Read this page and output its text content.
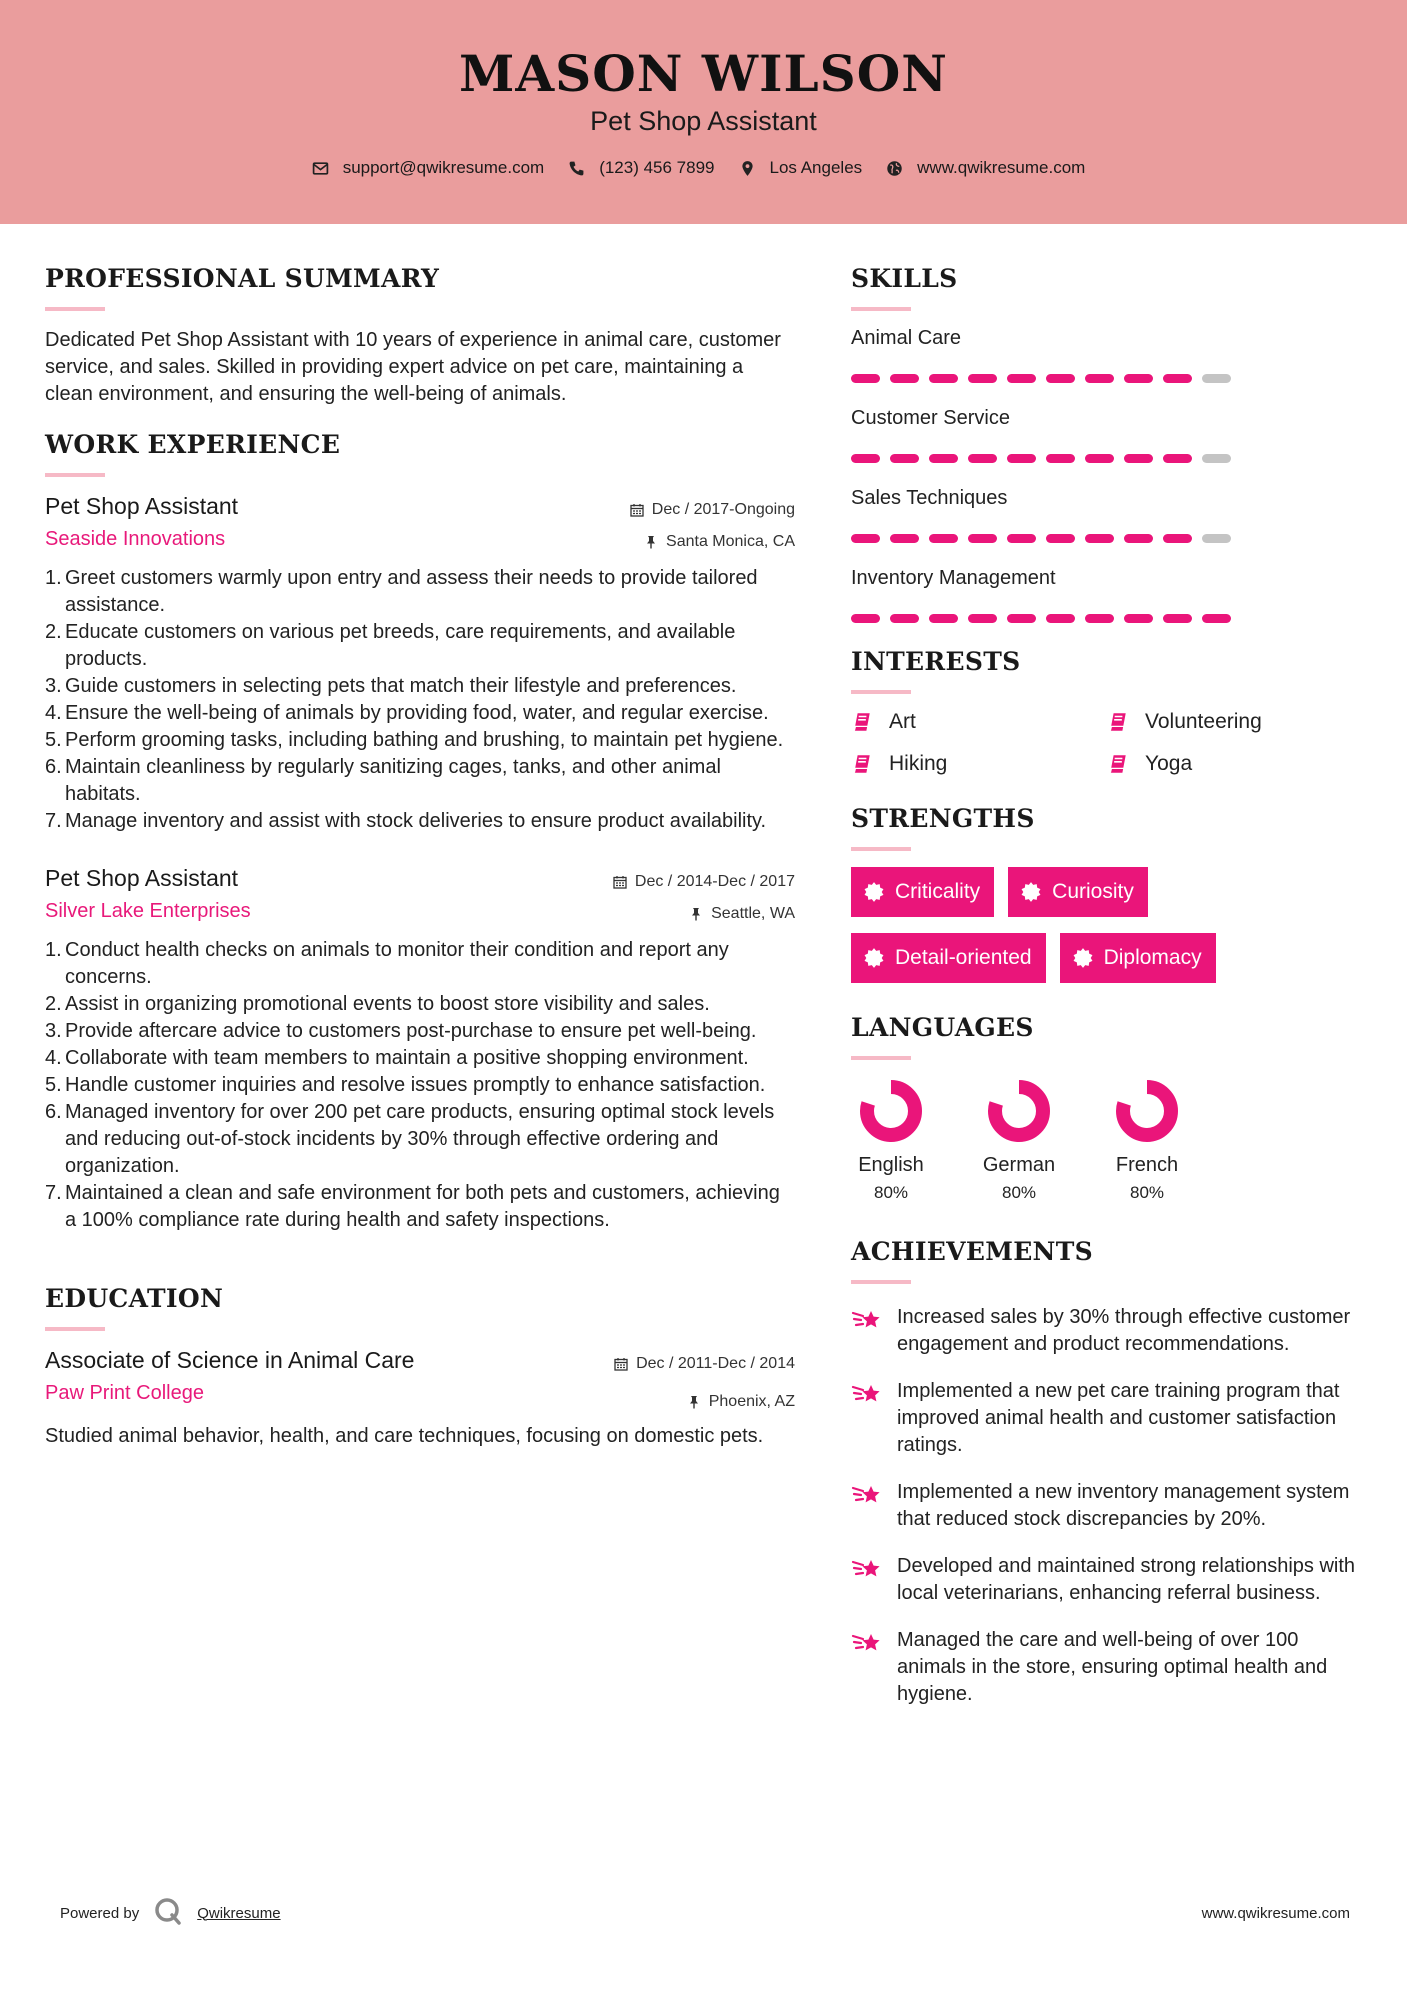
MASON WILSON
Pet Shop Assistant
support@qwikresume.com	(123) 456 7899	Los Angeles	www.qwikresume.com
PROFESSIONAL SUMMARY

Dedicated Pet Shop Assistant with 10 years of experience in animal care, customer service, and sales. Skilled in providing expert advice on pet care, maintaining a clean environment, and ensuring the well-being of animals.

WORK EXPERIENCE
Pet Shop Assistant
Seaside Innovations
Dec / 2017-Ongoing
Santa Monica, CA
1. Greet customers warmly upon entry and assess their needs to provide tailored assistance.
2. Educate customers on various pet breeds, care requirements, and available products.
3. Guide customers in selecting pets that match their lifestyle and preferences.
4. Ensure the well-being of animals by providing food, water, and regular exercise.
5. Perform grooming tasks, including bathing and brushing, to maintain pet hygiene.
6. Maintain cleanliness by regularly sanitizing cages, tanks, and other animal habitats.
7. Manage inventory and assist with stock deliveries to ensure product availability.
Pet Shop Assistant
Silver Lake Enterprises
Dec / 2014-Dec / 2017
Seattle, WA
1. Conduct health checks on animals to monitor their condition and report any concerns.
2. Assist in organizing promotional events to boost store visibility and sales.
3. Provide aftercare advice to customers post-purchase to ensure pet well-being.
4. Collaborate with team members to maintain a positive shopping environment.
5. Handle customer inquiries and resolve issues promptly to enhance satisfaction.
6. Managed inventory for over 200 pet care products, ensuring optimal stock levels and reducing out-of-stock incidents by 30% through effective ordering and organization.
7. Maintained a clean and safe environment for both pets and customers, achieving a 100% compliance rate during health and safety inspections.
EDUCATION
Associate of Science in Animal Care
Paw Print College
Dec / 2011-Dec / 2014
Phoenix, AZ

Studied animal behavior, health, and care techniques, focusing on domestic pets.

SKILLS
Animal Care
Customer Service
Sales Techniques
Inventory Management
INTERESTS
Art	Volunteering
Hiking	Yoga
STRENGTHS
Criticality	Curiosity
Detail-oriented	Diplomacy
LANGUAGES
English
80%
German
80%
French
80%
ACHIEVEMENTS
Increased sales by 30% through effective customer engagement and product recommendations.
Implemented a new pet care training program that improved animal health and customer satisfaction ratings.
Implemented a new inventory management system that reduced stock discrepancies by 20%.
Developed and maintained strong relationships with local veterinarians, enhancing referral business.
Managed the care and well-being of over 100 animals in the store, ensuring optimal health and hygiene.
Powered by	Qwikresume	www.qwikresume.com
